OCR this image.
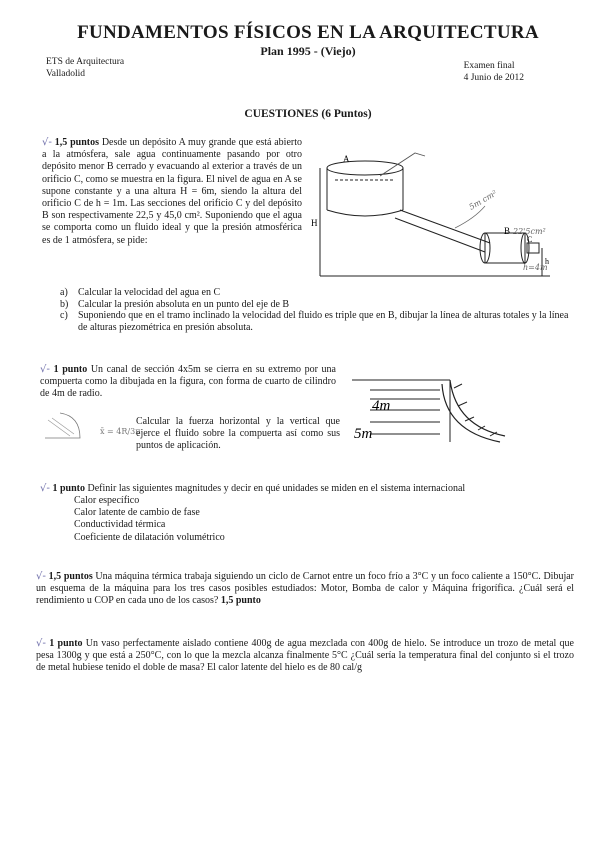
FUNDAMENTOS FÍSICOS EN LA ARQUITECTURA
Plan 1995 - (Viejo)
ETS de Arquitectura
Valladolid
Examen final
4 Junio de 2012
CUESTIONES (6 Puntos)
√- 1,5 puntos Desde un depósito A muy grande que está abierto a la atmósfera, sale agua continuamente pasando por otro depósito menor B cerrado y evacuando al exterior a través de un orificio C, como se muestra en la figura. El nivel de agua en A se supone constante y a una altura H = 6m, siendo la altura del orificio C de h = 1m. Las secciones del orificio C y del depósito B son respectivamente 22,5 y 45,0 cm². Suponiendo que el agua se comporta como un fluido ideal y que la presión atmosférica es de 1 atmósfera, se pide:
A
B
C
H
h
5m cm²
22'5cm²
h=4m
a)	Calcular la velocidad del agua en C
b) Calcular la presión absoluta en un punto del eje de B
c)	Suponiendo que en el tramo inclinado la velocidad del fluido es triple que en B, dibujar la línea de alturas totales y la línea de alturas piezométrica en presión absoluta.
√- 1 punto Un canal de sección 4x5m se cierra en su extremo por una compuerta como la dibujada en la figura, con forma de cuarto de cilindro de 4m de radio.
x̄ = 4R/3π
Calcular la fuerza horizontal y la vertical que ejerce el fluido sobre la compuerta así como sus puntos de aplicación.
4m
5m
√- 1 punto Definir las siguientes magnitudes y decir en qué unidades se miden en el sistema internacional
Calor específico
Calor latente de cambio de fase
Conductividad térmica
Coeficiente de dilatación volumétrico
√- 1,5 puntos Una máquina térmica trabaja siguiendo un ciclo de Carnot entre un foco frío a 3°C y un foco caliente a 150°C. Dibujar un esquema de la máquina para los tres casos posibles estudiados: Motor, Bomba de calor y Máquina frigorífica. ¿Cuál será el rendimiento u COP en cada uno de los casos? 1,5 punto
√- 1 punto Un vaso perfectamente aislado contiene 400g de agua mezclada con 400g de hielo. Se introduce un trozo de metal que pesa 1300g y que está a 250°C, con lo que la mezcla alcanza finalmente 5°C ¿Cuál sería la temperatura final del conjunto si el trozo de metal hubiese tenido el doble de masa? El calor latente del hielo es de 80 cal/g
